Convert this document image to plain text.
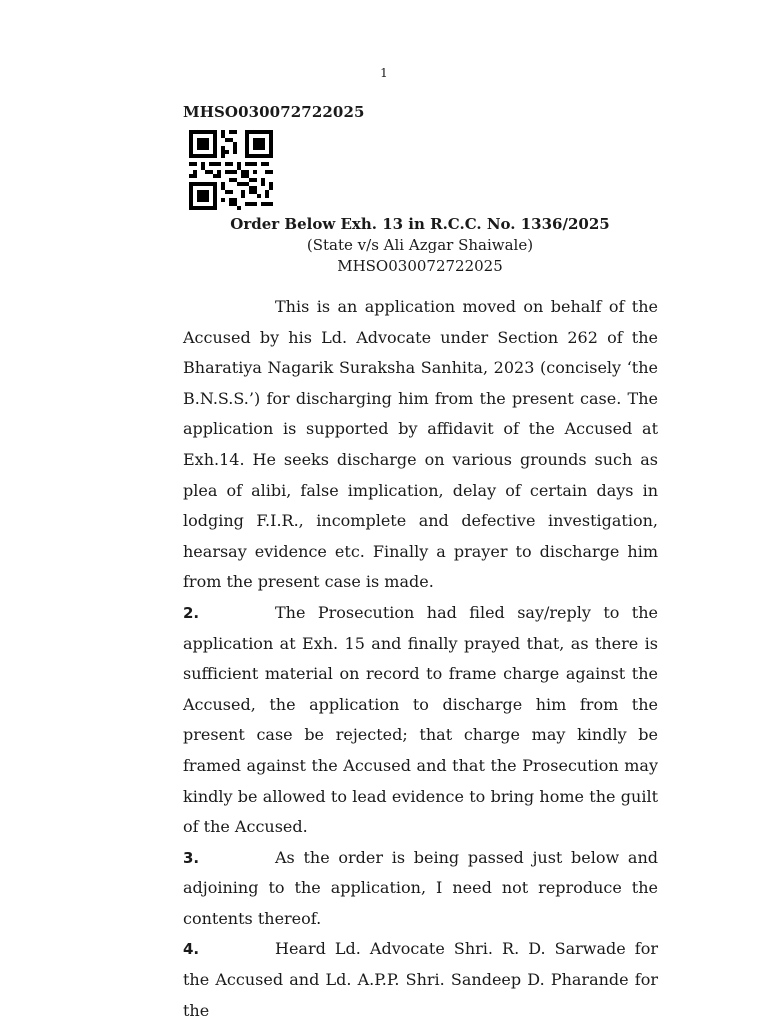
1
MHSO030072722025
Order Below Exh. 13 in R.C.C. No. 1336/2025
(State v/s Ali Azgar Shaiwale)
MHSO030072722025

This is an application moved on behalf of the Accused by his Ld. Advocate under Section 262 of the Bharatiya Nagarik Suraksha Sanhita, 2023 (concisely ‘the B.N.S.S.’) for discharging him from the present case. The application is supported by affidavit of the Accused at Exh.14. He seeks discharge on various grounds such as plea of alibi, false implication, delay of certain days in lodging F.I.R., incomplete and defective investigation, hearsay evidence etc. Finally a prayer to discharge him from the present case is made.

2.	The Prosecution had filed say/reply to the application at Exh. 15 and finally prayed that, as there is sufficient material on record to frame charge against the Accused, the application to discharge him from the present case be rejected; that charge may kindly be framed against the Accused and that the Prosecution may kindly be allowed to lead evidence to bring home the guilt of the Accused.

3.	As the order is being passed just below and adjoining to the application, I need not reproduce the contents thereof.

4.	Heard Ld. Advocate Shri. R. D. Sarwade for the Accused and Ld. A.P.P. Shri. Sandeep D. Pharande for the
